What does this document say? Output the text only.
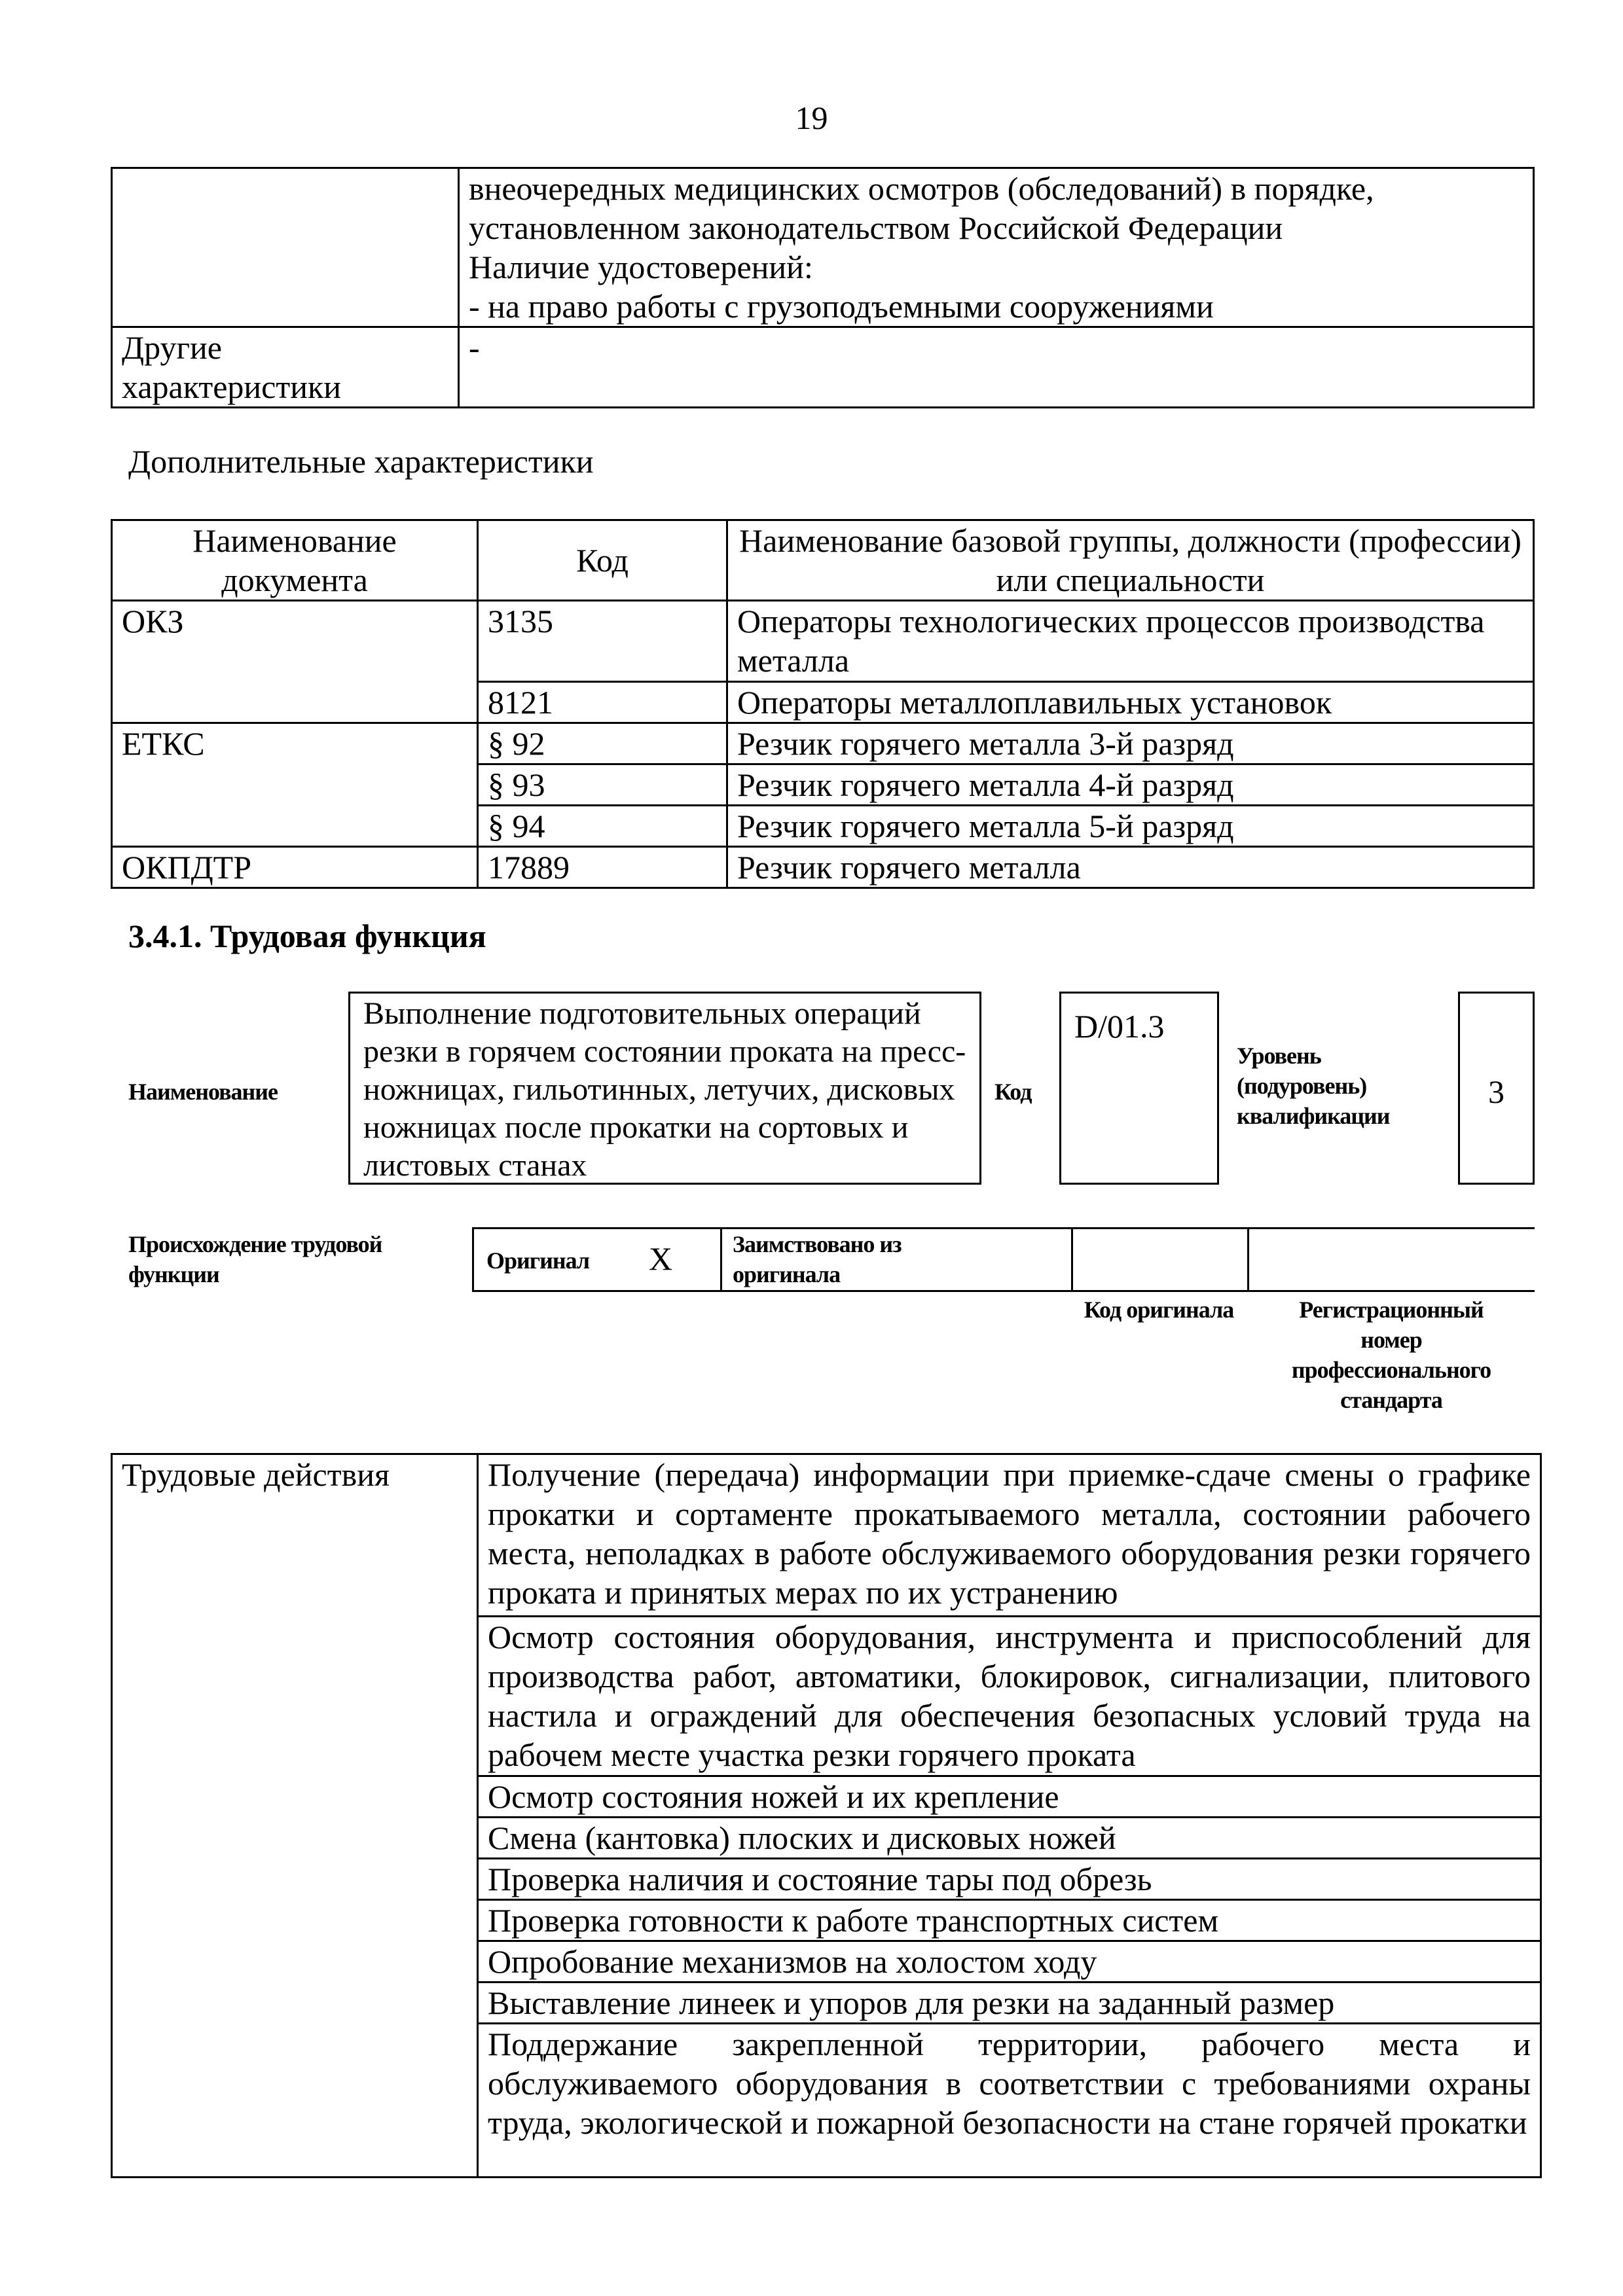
19

	внеочередных медицинских осмотров (обследований) в порядке,
установленном законодательством Российской Федерации
Наличие удостоверений:
- на право работы с грузоподъемными сооружениями

Другие характеристики	-
Дополнительные характеристики
Наименование документа	Код	Наименование базовой группы, должности (профессии) или специальности
ОКЗ	3135	Операторы технологических процессов производства металла
	8121	Операторы металлоплавильных установок
ЕТКС	§ 92	Резчик горячего металла 3-й разряд
	§ 93	Резчик горячего металла 4-й разряд
	§ 94	Резчик горячего металла 5-й разряд
ОКПДТР	17889	Резчик горячего металла
3.4.1. Трудовая функция
Наименование
Выполнение подготовительных операций резки в горячем состоянии проката на пресс-ножницах, гильотинных, летучих, дисковых ножницах после прокатки на сортовых и листовых станах
Код
D/01.3
Уровень (подуровень) квалификации
3
Происхождение трудовой функции
Оригинал X	Заимствовано из оригинала
Код оригинала	Регистрационный номер профессионального стандарта
Трудовые действия	Получение (передача) информации при приемке-сдаче смены о графике прокатки и сортаменте прокатываемого металла, состоянии рабочего места, неполадках в работе обслуживаемого оборудования резки горячего проката и принятых мерах по их устранению
Осмотр состояния оборудования, инструмента и приспособлений для производства работ, автоматики, блокировок, сигнализации, плитового настила и ограждений для обеспечения безопасных условий труда на рабочем месте участка резки горячего проката
Осмотр состояния ножей и их крепление
Смена (кантовка) плоских и дисковых ножей
Проверка наличия и состояние тары под обрезь
Проверка готовности к работе транспортных систем
Опробование механизмов на холостом ходу
Выставление линеек и упоров для резки на заданный размер
Поддержание закрепленной территории, рабочего места и обслуживаемого оборудования в соответствии с требованиями охраны труда, экологической и пожарной безопасности на стане горячей прокатки
